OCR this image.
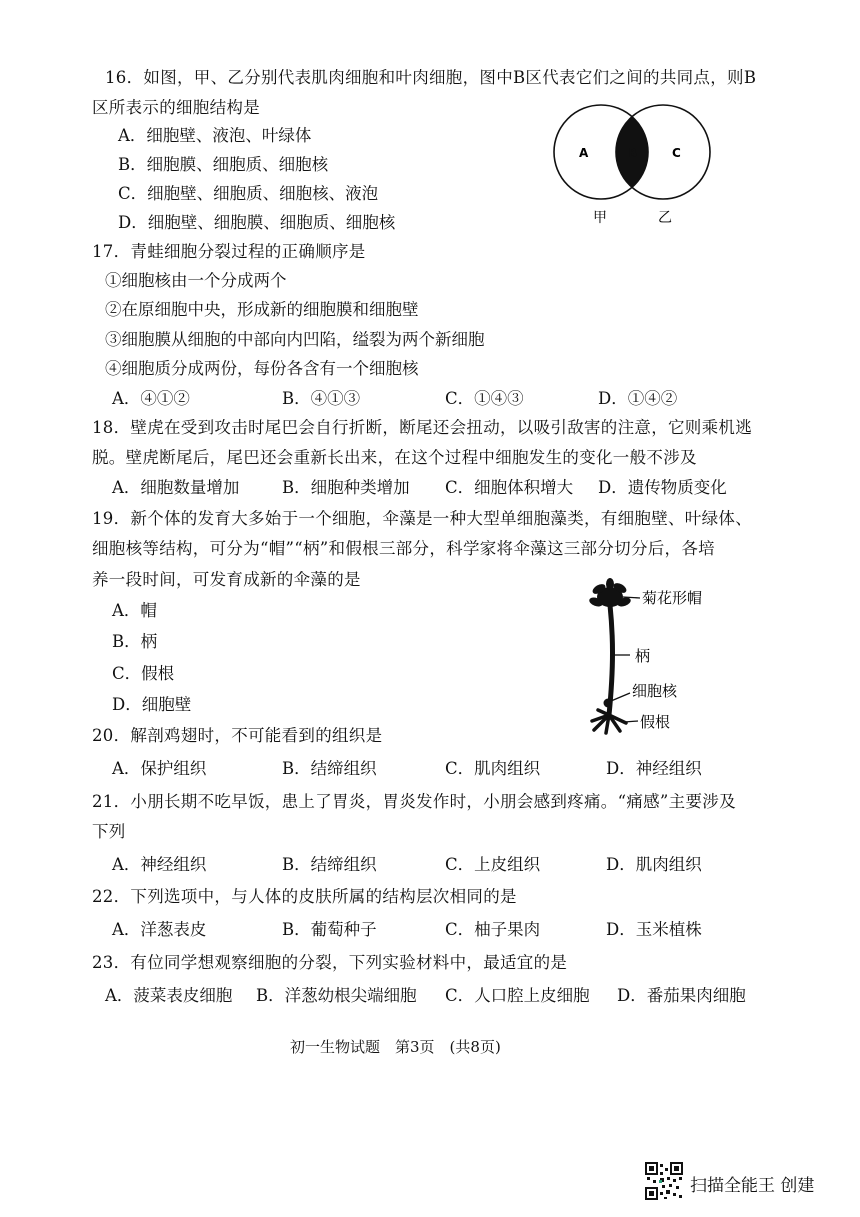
16．如图，甲、乙分别代表肌肉细胞和叶肉细胞，图中B区代表它们之间的共同点，则B
区所表示的细胞结构是
A．细胞壁、液泡、叶绿体
B．细胞膜、细胞质、细胞核
C．细胞壁、细胞质、细胞核、液泡
D．细胞壁、细胞膜、细胞质、细胞核
A	B	C
甲	乙
17．青蛙细胞分裂过程的正确顺序是
①细胞核由一个分成两个
②在原细胞中央，形成新的细胞膜和细胞壁
③细胞膜从细胞的中部向内凹陷，缢裂为两个新细胞
④细胞质分成两份，每份各含有一个细胞核
A．④①②	B．④①③	C．①④③	D．①④②
18．壁虎在受到攻击时尾巴会自行折断，断尾还会扭动，以吸引敌害的注意，它则乘机逃
脱。壁虎断尾后，尾巴还会重新长出来，在这个过程中细胞发生的变化一般不涉及
A．细胞数量增加	B．细胞种类增加 C．细胞体积增大 D．遗传物质变化
19．新个体的发育大多始于一个细胞，伞藻是一种大型单细胞藻类，有细胞壁、叶绿体、
细胞核等结构，可分为“帽”“柄”和假根三部分，科学家将伞藻这三部分切分后，各培
养一段时间，可发育成新的伞藻的是
A．帽
B．柄
C．假根
D．细胞壁
菊花形帽
柄
细胞核
假根
20．解剖鸡翅时，不可能看到的组织是
A．保护组织	B．结缔组织	C．肌肉组织	D．神经组织
21．小朋长期不吃早饭，患上了胃炎，胃炎发作时，小朋会感到疼痛。“痛感”主要涉及
下列
A．神经组织	B．结缔组织	C．上皮组织	D．肌肉组织
22．下列选项中，与人体的皮肤所属的结构层次相同的是
A．洋葱表皮	B．葡萄种子	C．柚子果肉	D．玉米植株
23．有位同学想观察细胞的分裂，下列实验材料中，最适宜的是
A．菠菜表皮细胞 B．洋葱幼根尖端细胞 C．人口腔上皮细胞 D．番茄果肉细胞
初一生物试题　第3页　(共8页)
扫描全能王 创建
